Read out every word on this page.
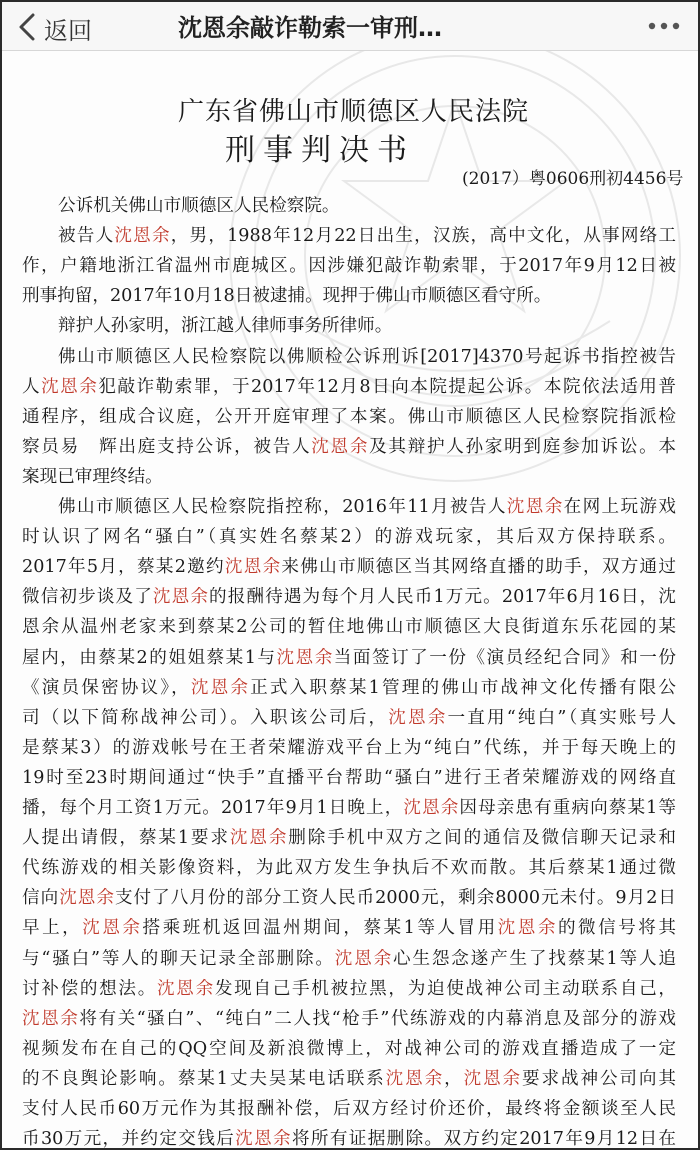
返回	沈恩余敲诈勒索一审刑…
广东省佛山市顺德区人民法院
刑事判决书
(2017）粤0606刑初4456号
公诉机关佛山市顺德区人民检察院。
被告人沈恩余，男，1988年12月22日出生，汉族，高中文化，从事网络工
作，户籍地浙江省温州市鹿城区。因涉嫌犯敲诈勒索罪，于2017年9月12日被
刑事拘留，2017年10月18日被逮捕。现押于佛山市顺德区看守所。
辩护人孙家明，浙江越人律师事务所律师。
佛山市顺德区人民检察院以佛顺检公诉刑诉[2017]4370号起诉书指控被告
人沈恩余犯敲诈勒索罪，于2017年12月8日向本院提起公诉。本院依法适用普
通程序，组成合议庭，公开开庭审理了本案。佛山市顺德区人民检察院指派检
察员易　辉出庭支持公诉，被告人沈恩余及其辩护人孙家明到庭参加诉讼。本
案现已审理终结。
佛山市顺德区人民检察院指控称，2016年11月被告人沈恩余在网上玩游戏
时认识了网名“骚白”（真实姓名蔡某2）的游戏玩家，其后双方保持联系。
2017年5月，蔡某2邀约沈恩余来佛山市顺德区当其网络直播的助手，双方通过
微信初步谈及了沈恩余的报酬待遇为每个月人民币1万元。2017年6月16日，沈
恩余从温州老家来到蔡某2公司的暂住地佛山市顺德区大良街道东乐花园的某
屋内，由蔡某2的姐姐蔡某1与沈恩余当面签订了一份《演员经纪合同》和一份
《演员保密协议》，沈恩余正式入职蔡某1管理的佛山市战神文化传播有限公
司（以下简称战神公司）。入职该公司后，沈恩余一直用“纯白”（真实账号人
是蔡某3）的游戏帐号在王者荣耀游戏平台上为“纯白”代练，并于每天晚上的
19时至23时期间通过“快手”直播平台帮助“骚白”进行王者荣耀游戏的网络直
播，每个月工资1万元。2017年9月1日晚上，沈恩余因母亲患有重病向蔡某1等
人提出请假，蔡某1要求沈恩余删除手机中双方之间的通信及微信聊天记录和
代练游戏的相关影像资料，为此双方发生争执后不欢而散。其后蔡某1通过微
信向沈恩余支付了八月份的部分工资人民币2000元，剩余8000元未付。9月2日
早上，沈恩余搭乘班机返回温州期间，蔡某1等人冒用沈恩余的微信号将其
与“骚白”等人的聊天记录全部删除。沈恩余心生怨念遂产生了找蔡某1等人追
讨补偿的想法。沈恩余发现自己手机被拉黑，为迫使战神公司主动联系自己，
沈恩余将有关“骚白”、“纯白”二人找“枪手”代练游戏的内幕消息及部分的游戏
视频发布在自己的QQ空间及新浪微博上，对战神公司的游戏直播造成了一定
的不良舆论影响。蔡某1丈夫吴某电话联系沈恩余，沈恩余要求战神公司向其
支付人民币60万元作为其报酬补偿，后双方经讨价还价，最终将金额谈至人民
币30万元，并约定交钱后沈恩余将所有证据删除。双方约定2017年9月12日在
